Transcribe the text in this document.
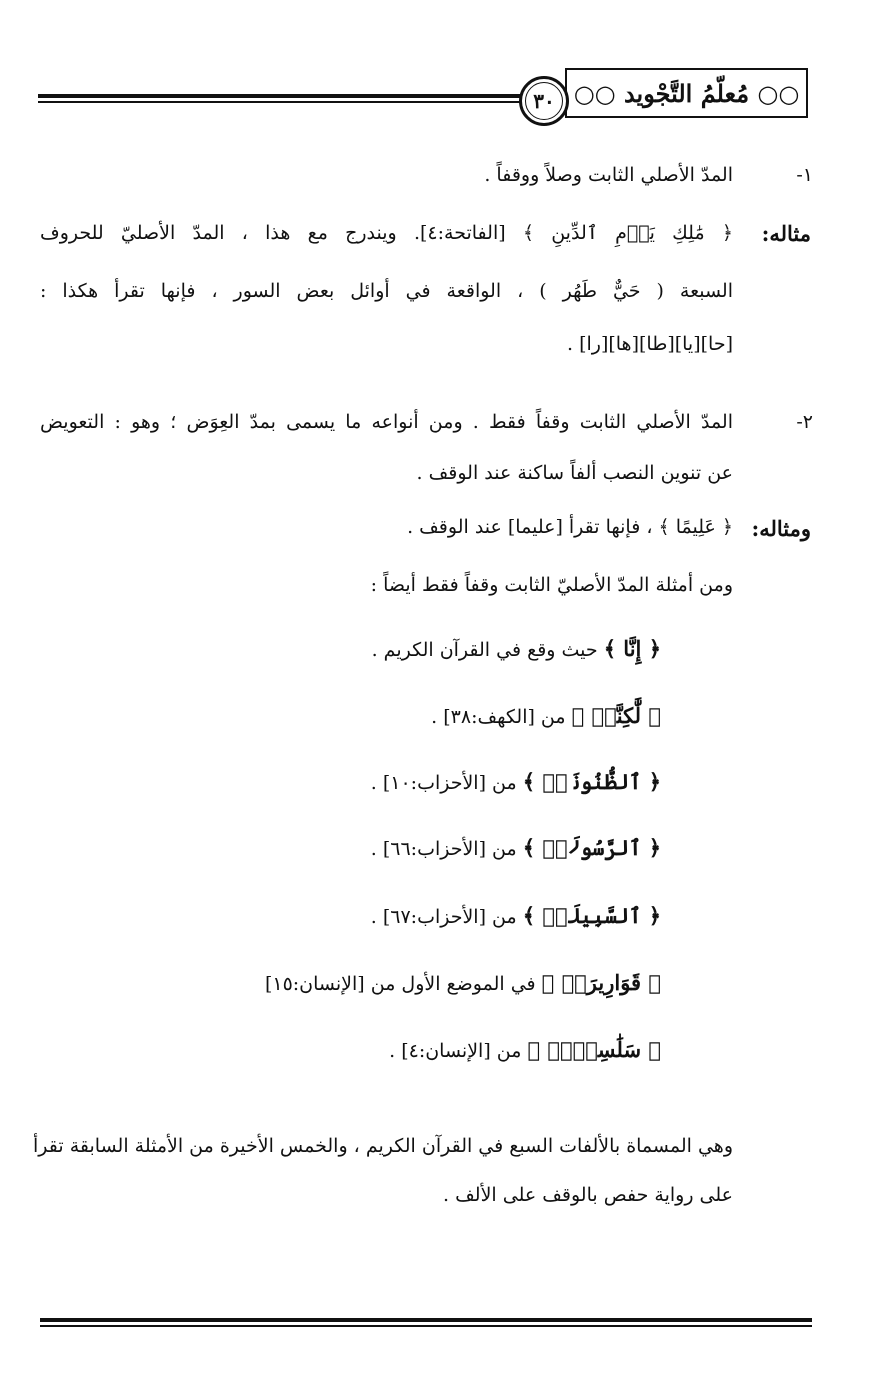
○○ مُعلّمُ التَّجْويد ○○
٣٠
١-
المدّ الأصلي الثابت وصلاً ووقفاً .
مثاله:
﴿ مَٰلِكِ يَوۡمِ ٱلدِّينِ ﴾ [الفاتحة:٤]. ويندرج مع هذا ، المدّ الأصليّ للحروف
السبعة ( حَيٌّ طَهُر ) ، الواقعة في أوائل بعض السور ، فإنها تقرأ هكذا :
[حا][يا][طا][ها][را] .
٢-
المدّ الأصلي الثابت وقفاً فقط . ومن أنواعه ما يسمى بمدّ العِوَض ؛ وهو : التعويض
عن تنوين النصب ألفاً ساكنة عند الوقف .
ومثاله:
﴿ عَلِيمًا ﴾ ، فإنها تقرأ [عليما] عند الوقف .
ومن أمثلة المدّ الأصليّ الثابت وقفاً فقط أيضاً :
﴿ إِنَّا ﴾ حيث وقع في القرآن الكريم .
﴿ لَّٰكِنَّا۠ ﴾ من [الكهف:٣٨] .
﴿ ٱلظُّنُونَا۠ ﴾ من [الأحزاب:١٠] .
﴿ ٱلرَّسُولَا۠ ﴾ من [الأحزاب:٦٦] .
﴿ ٱلسَّبِيلَا۠ ﴾ من [الأحزاب:٦٧] .
﴿ قَوَارِيرَا۠ ﴾ في الموضع الأول من [الإنسان:١٥]
﴿ سَلَٰسِلَا۠ ﴾ من [الإنسان:٤] .
وهي المسماة بالألفات السبع في القرآن الكريم ، والخمس الأخيرة من الأمثلة السابقة تقرأ
على رواية حفص بالوقف على الألف .
